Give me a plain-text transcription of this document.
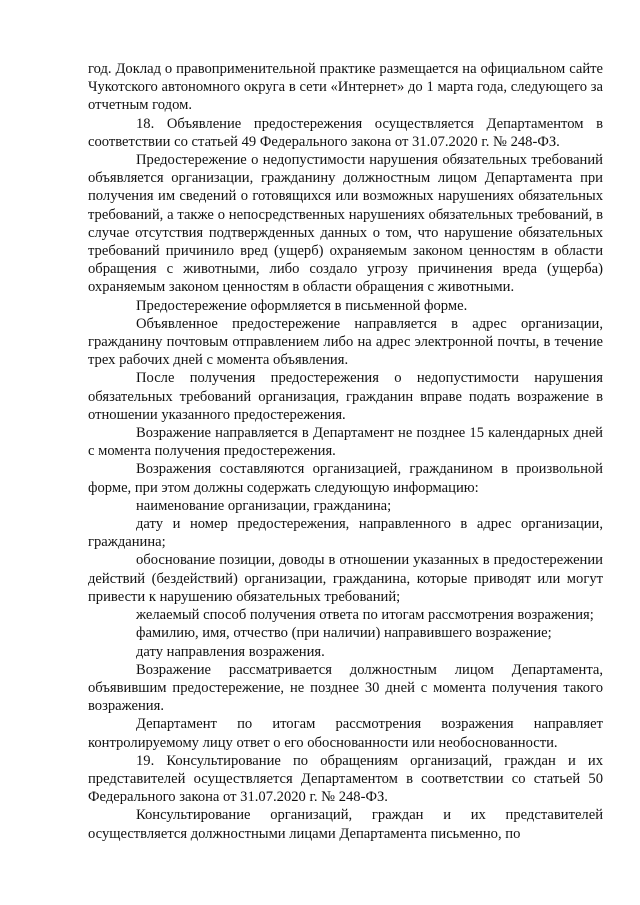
год. Доклад о правоприменительной практике размещается на официальном сайте Чукотского автономного округа в сети «Интернет» до 1 марта года, следующего за отчетным годом.

18. Объявление предостережения осуществляется Департаментом в соответствии со статьей 49 Федерального закона от 31.07.2020 г. № 248-ФЗ.

Предостережение о недопустимости нарушения обязательных требований объявляется организации, гражданину должностным лицом Департамента при получения им сведений о готовящихся или возможных нарушениях обязательных требований, а также о непосредственных нарушениях обязательных требований, в случае отсутствия подтвержденных данных о том, что нарушение обязательных требований причинило вред (ущерб) охраняемым законом ценностям в области обращения с животными, либо создало угрозу причинения вреда (ущерба) охраняемым законом ценностям в области обращения с животными.

Предостережение оформляется в письменной форме.

Объявленное предостережение направляется в адрес организации, гражданину почтовым отправлением либо на адрес электронной почты, в течение трех рабочих дней с момента объявления.

После получения предостережения о недопустимости нарушения обязательных требований организация, гражданин вправе подать возражение в отношении указанного предостережения.

Возражение направляется в Департамент не позднее 15 календарных дней с момента получения предостережения.

Возражения составляются организацией, гражданином в произвольной форме, при этом должны содержать следующую информацию:

наименование организации, гражданина;

дату и номер предостережения, направленного в адрес организации, гражданина;

обоснование позиции, доводы в отношении указанных в предостережении действий (бездействий) организации, гражданина, которые приводят или могут привести к нарушению обязательных требований;

желаемый способ получения ответа по итогам рассмотрения возражения;

фамилию, имя, отчество (при наличии) направившего возражение;

дату направления возражения.

Возражение рассматривается должностным лицом Департамента, объявившим предостережение, не позднее 30 дней с момента получения такого возражения.

Департамент по итогам рассмотрения возражения направляет контролируемому лицу ответ о его обоснованности или необоснованности.

19. Консультирование по обращениям организаций, граждан и их представителей осуществляется Департаментом в соответствии со статьей 50 Федерального закона от 31.07.2020 г. № 248-ФЗ.

Консультирование организаций, граждан и их представителей осуществляется должностными лицами Департамента письменно, по
